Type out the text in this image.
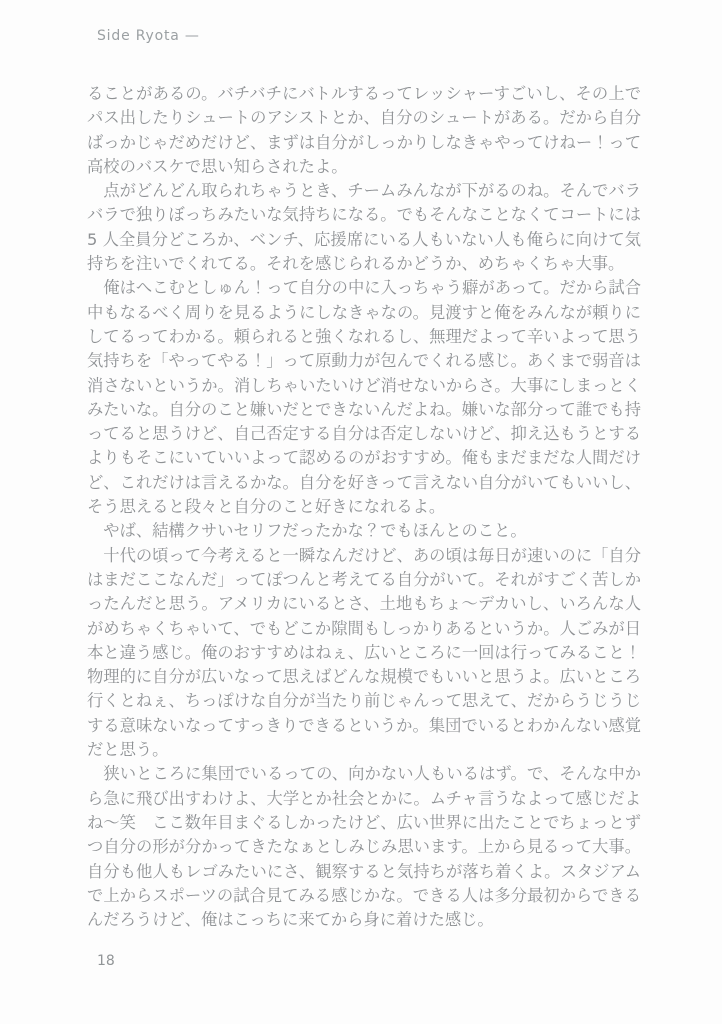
Side Ryota —

ることがあるの。バチバチにバトルするってレッシャーすごいし、その上でパス出したりシュートのアシストとか、自分のシュートがある。だから自分ばっかじゃだめだけど、まずは自分がしっかりしなきゃやってけねー！って高校のバスケで思い知らされたよ。

　点がどんどん取られちゃうとき、チームみんなが下がるのね。そんでバラバラで独りぼっちみたいな気持ちになる。でもそんなことなくてコートには 5 人全員分どころか、ベンチ、応援席にいる人もいない人も俺らに向けて気持ちを注いでくれてる。それを感じられるかどうか、めちゃくちゃ大事。

　俺はへこむとしゅん！って自分の中に入っちゃう癖があって。だから試合中もなるべく周りを見るようにしなきゃなの。見渡すと俺をみんなが頼りにしてるってわかる。頼られると強くなれるし、無理だよって辛いよって思う気持ちを「やってやる！」って原動力が包んでくれる感じ。あくまで弱音は消さないというか。消しちゃいたいけど消せないからさ。大事にしまっとくみたいな。自分のこと嫌いだとできないんだよね。嫌いな部分って誰でも持ってると思うけど、自己否定する自分は否定しないけど、抑え込もうとするよりもそこにいていいよって認めるのがおすすめ。俺もまだまだな人間だけど、これだけは言えるかな。自分を好きって言えない自分がいてもいいし、そう思えると段々と自分のこと好きになれるよ。

　やば、結構クサいセリフだったかな？でもほんとのこと。

　十代の頃って今考えると一瞬なんだけど、あの頃は毎日が速いのに「自分はまだここなんだ」ってぽつんと考えてる自分がいて。それがすごく苦しかったんだと思う。アメリカにいるとさ、土地もちょ〜デカいし、いろんな人がめちゃくちゃいて、でもどこか隙間もしっかりあるというか。人ごみが日本と違う感じ。俺のおすすめはねぇ、広いところに一回は行ってみること！物理的に自分が広いなって思えばどんな規模でもいいと思うよ。広いところ行くとねぇ、ちっぽけな自分が当たり前じゃんって思えて、だからうじうじする意味ないなってすっきりできるというか。集団でいるとわかんない感覚だと思う。

　狭いところに集団でいるっての、向かない人もいるはず。で、そんな中から急に飛び出すわけよ、大学とか社会とかに。ムチャ言うなよって感じだよね〜笑　ここ数年目まぐるしかったけど、広い世界に出たことでちょっとずつ自分の形が分かってきたなぁとしみじみ思います。上から見るって大事。自分も他人もレゴみたいにさ、観察すると気持ちが落ち着くよ。スタジアムで上からスポーツの試合見てみる感じかな。できる人は多分最初からできるんだろうけど、俺はこっちに来てから身に着けた感じ。

18
